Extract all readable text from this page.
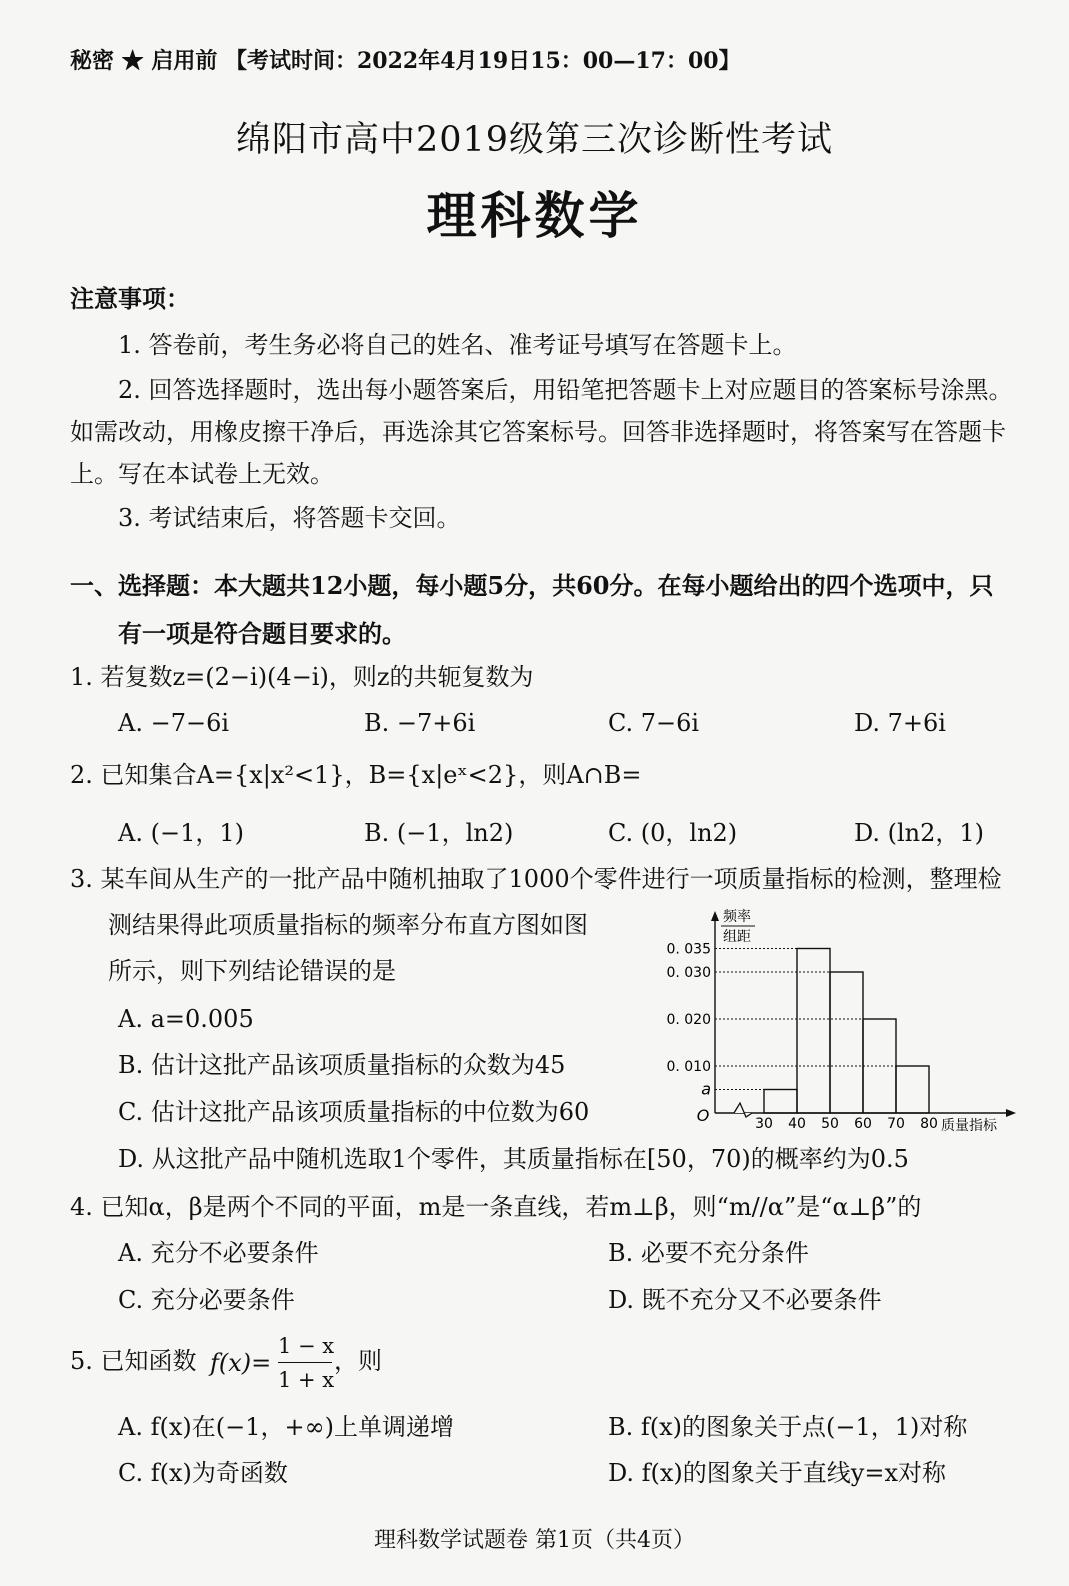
秘密 ★ 启用前 【考试时间：2022年4月19日15：00—17：00】
绵阳市高中2019级第三次诊断性考试
理科数学
注意事项：
1. 答卷前，考生务必将自己的姓名、准考证号填写在答题卡上。
2. 回答选择题时，选出每小题答案后，用铅笔把答题卡上对应题目的答案标号涂黑。
如需改动，用橡皮擦干净后，再选涂其它答案标号。回答非选择题时，将答案写在答题卡
上。写在本试卷上无效。
3. 考试结束后，将答题卡交回。
一、选择题：本大题共12小题，每小题5分，共60分。在每小题给出的四个选项中，只
有一项是符合题目要求的。
1. 若复数z=(2−i)(4−i)，则z的共轭复数为
A. −7−6i	B. −7+6i	C. 7−6i	D. 7+6i
2. 已知集合A={x|x²<1}，B={x|eˣ<2}，则A∩B=
A. (−1，1)	B. (−1，ln2)	C. (0，ln2)	D. (ln2，1)
3. 某车间从生产的一批产品中随机抽取了1000个零件进行一项质量指标的检测，整理检
测结果得此项质量指标的频率分布直方图如图
所示，则下列结论错误的是
A. a=0.005
B. 估计这批产品该项质量指标的众数为45
C. 估计这批产品该项质量指标的中位数为60
D. 从这批产品中随机选取1个零件，其质量指标在[50，70)的概率约为0.5
频率
组距
O
0. 035
0. 030
0. 020
0. 010
a
30 40 50 60 70 80 质量指标
4. 已知α，β是两个不同的平面，m是一条直线，若m⊥β，则“m//α”是“α⊥β”的
A. 充分不必要条件	B. 必要不充分条件
C. 充分必要条件	D. 既不充分又不必要条件
5. 已知函数 f(x)=
1 − x
1 + x
，则
A. f(x)在(−1，+∞)上单调递增	B. f(x)的图象关于点(−1，1)对称
C. f(x)为奇函数	D. f(x)的图象关于直线y=x对称
理科数学试题卷 第1页（共4页）
